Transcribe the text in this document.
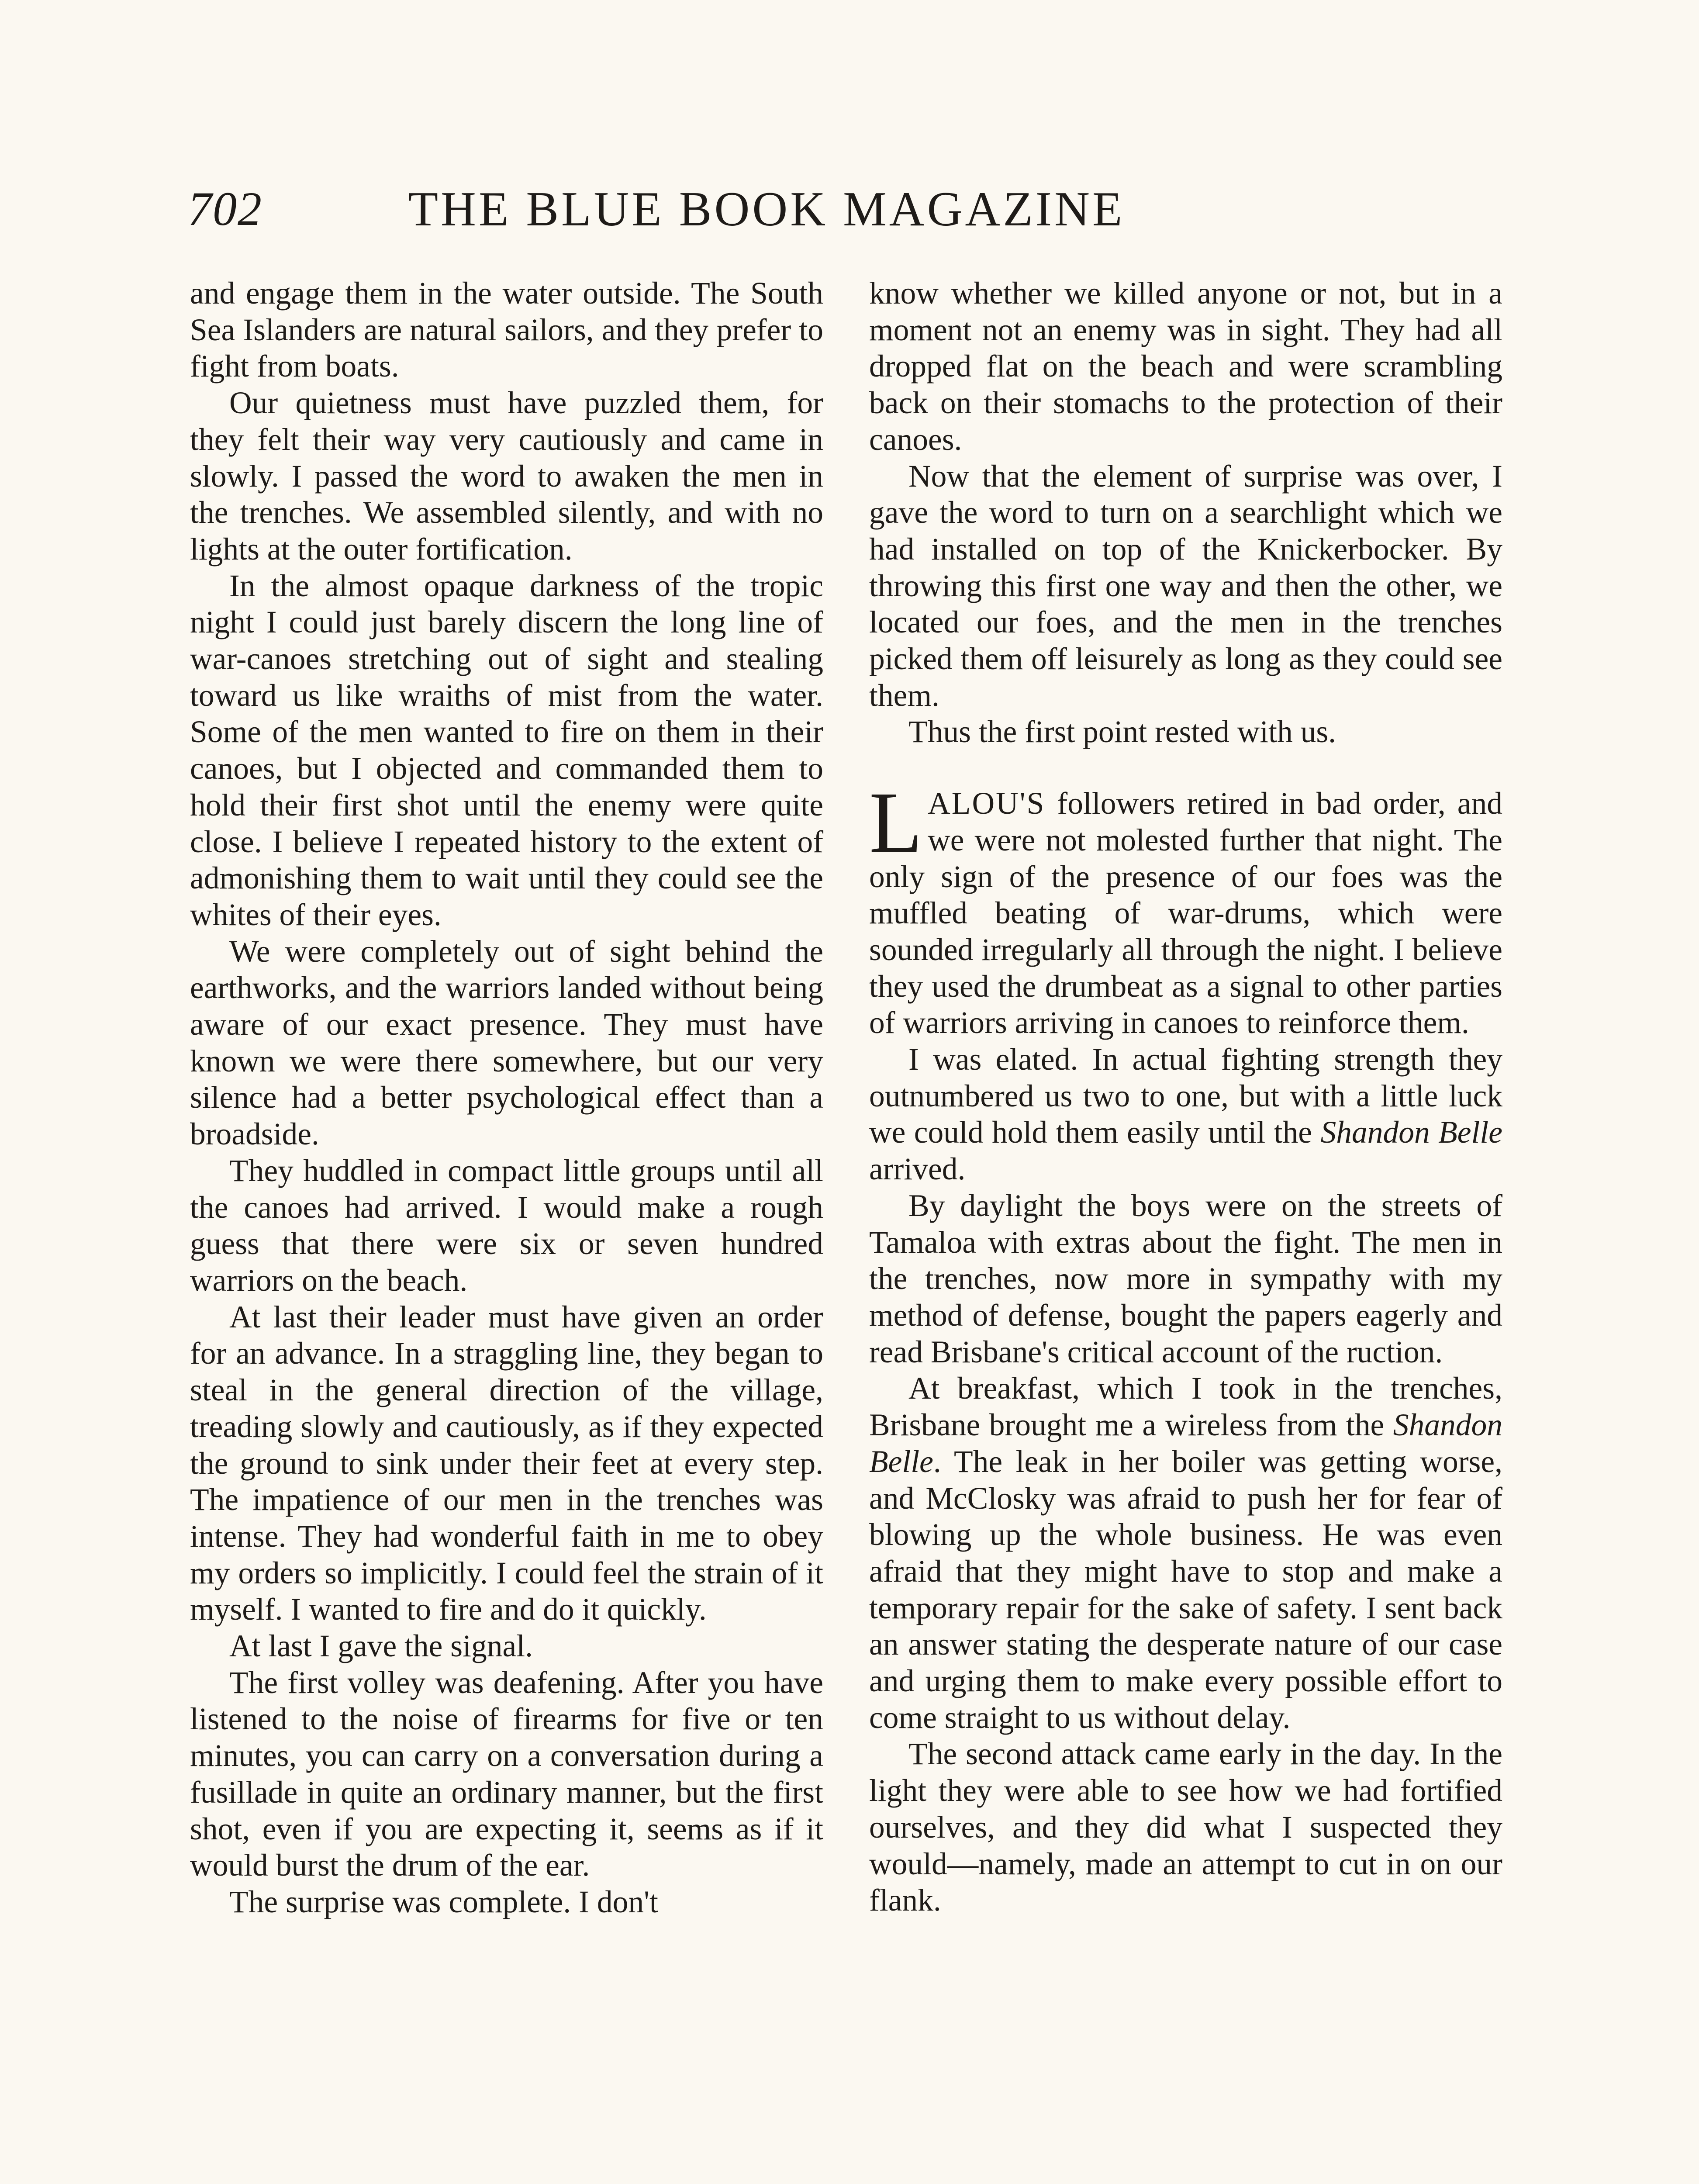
702	THE BLUE BOOK MAGAZINE

and engage them in the water outside. The South Sea Islanders are natural sailors, and they prefer to fight from boats.

Our quietness must have puzzled them, for they felt their way very cautiously and came in slowly. I passed the word to awaken the men in the trenches. We assembled silently, and with no lights at the outer fortification.

In the almost opaque darkness of the tropic night I could just barely discern the long line of war-canoes stretching out of sight and stealing toward us like wraiths of mist from the water. Some of the men wanted to fire on them in their canoes, but I objected and commanded them to hold their first shot until the enemy were quite close. I believe I repeated history to the extent of admonishing them to wait until they could see the whites of their eyes.

We were completely out of sight behind the earthworks, and the warriors landed without being aware of our exact presence. They must have known we were there somewhere, but our very silence had a better psychological effect than a broadside.

They huddled in compact little groups until all the canoes had arrived. I would make a rough guess that there were six or seven hundred warriors on the beach.

At last their leader must have given an order for an advance. In a straggling line, they began to steal in the general direction of the village, treading slowly and cautiously, as if they expected the ground to sink under their feet at every step. The impatience of our men in the trenches was intense. They had wonderful faith in me to obey my orders so implicitly. I could feel the strain of it myself. I wanted to fire and do it quickly.

At last I gave the signal.

The first volley was deafening. After you have listened to the noise of firearms for five or ten minutes, you can carry on a conversation during a fusillade in quite an ordinary manner, but the first shot, even if you are expecting it, seems as if it would burst the drum of the ear.

The surprise was complete. I don't

know whether we killed anyone or not, but in a moment not an enemy was in sight. They had all dropped flat on the beach and were scrambling back on their stomachs to the protection of their canoes.

Now that the element of surprise was over, I gave the word to turn on a searchlight which we had installed on top of the Knickerbocker. By throwing this first one way and then the other, we located our foes, and the men in the trenches picked them off leisurely as long as they could see them.

Thus the first point rested with us.

LALOU'S followers retired in bad order, and we were not molested further that night. The only sign of the presence of our foes was the muffled beating of war-drums, which were sounded irregularly all through the night. I believe they used the drumbeat as a signal to other parties of warriors arriving in canoes to reinforce them.

I was elated. In actual fighting strength they outnumbered us two to one, but with a little luck we could hold them easily until the Shandon Belle arrived.

By daylight the boys were on the streets of Tamaloa with extras about the fight. The men in the trenches, now more in sympathy with my method of defense, bought the papers eagerly and read Brisbane's critical account of the ruction.

At breakfast, which I took in the trenches, Brisbane brought me a wireless from the Shandon Belle. The leak in her boiler was getting worse, and McClosky was afraid to push her for fear of blowing up the whole business. He was even afraid that they might have to stop and make a temporary repair for the sake of safety. I sent back an answer stating the desperate nature of our case and urging them to make every possible effort to come straight to us without delay.

The second attack came early in the day. In the light they were able to see how we had fortified ourselves, and they did what I suspected they would—namely, made an attempt to cut in on our flank.
